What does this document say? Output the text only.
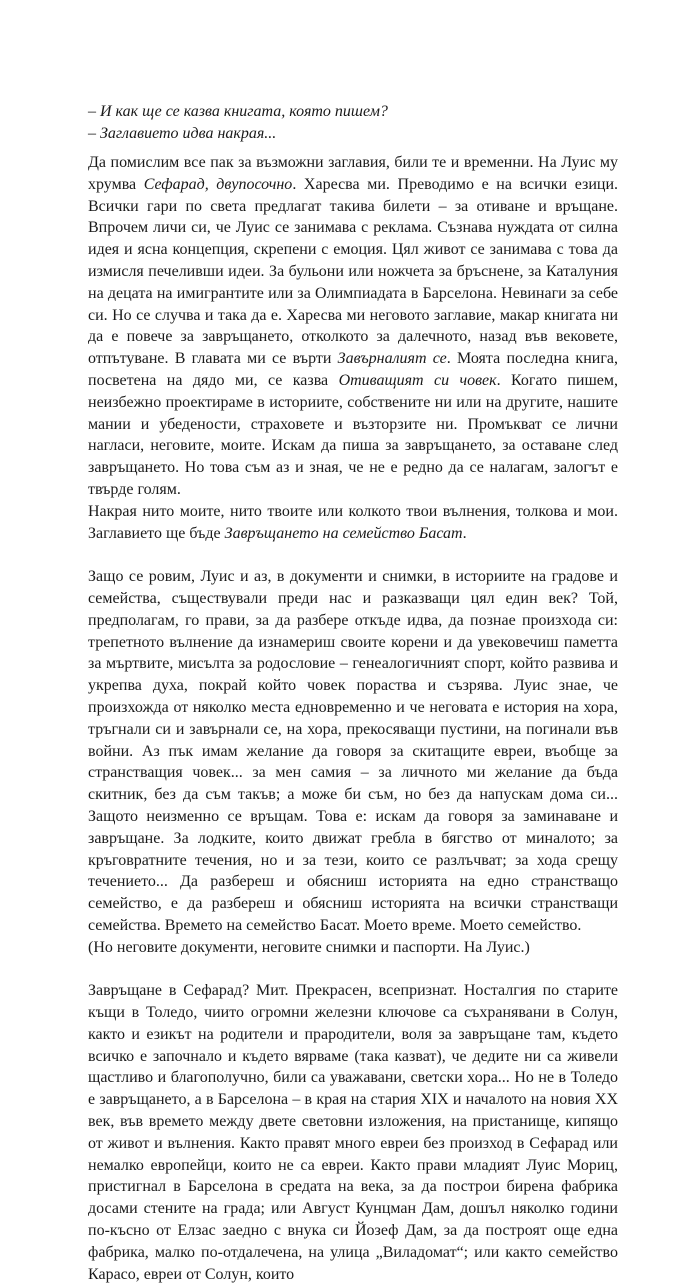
– И как ще се казва книгата, която пишем?

– Заглавието идва накрая...

Да помислим все пак за възможни заглавия, били те и временни. На Луис му хрумва Сефарад, двупосочно. Харесва ми. Преводимо е на всички езици. Всички гари по света предлагат такива билети – за отиване и връщане. Впрочем личи си, че Луис се занимава с реклама. Съзнава нуждата от силна идея и ясна концепция, скрепени с емоция. Цял живот се занимава с това да измисля печеливши идеи. За бульони или ножчета за бръснене, за Каталуния на децата на имигрантите или за Олимпиадата в Барселона. Невинаги за себе си. Но се случва и така да е. Харесва ми неговото заглавие, макар книгата ни да е повече за завръщането, отколкото за далечното, назад във вековете, отпътуване. В главата ми се върти Завърналият се. Моята последна книга, посветена на дядо ми, се казва Отиващият си човек. Когато пишем, неизбежно проектираме в историите, собствените ни или на другите, нашите мании и убедености, страховете и възторзите ни. Промъкват се лични нагласи, неговите, моите. Искам да пиша за завръщането, за оставане след завръщането. Но това съм аз и зная, че не е редно да се налагам, залогът е твърде голям.

Накрая нито моите, нито твоите или колкото твои вълнения, толкова и мои. Заглавието ще бъде Завръщането на семейство Басат.

Защо се ровим, Луис и аз, в документи и снимки, в историите на градове и семейства, съществували преди нас и разказващи цял един век? Той, предполагам, го прави, за да разбере откъде идва, да познае произхода си: трепетното вълнение да изнамериш своите корени и да увековечиш паметта за мъртвите, мисълта за родословие – генеалогичният спорт, който развива и укрепва духа, покрай който човек пораства и съзрява. Луис знае, че произхожда от няколко места едновременно и че неговата е история на хора, тръгнали си и завърнали се, на хора, прекосяващи пустини, на погинали във войни. Аз пък имам желание да говоря за скитащите евреи, въобще за странстващия човек... за мен самия – за личното ми желание да бъда скитник, без да съм такъв; а може би съм, но без да напускам дома си... Защото неизменно се връщам. Това е: искам да говоря за заминаване и завръщане. За лодките, които движат гребла в бягство от миналото; за кръговратните течения, но и за тези, които се разлъчват; за хода срещу течението... Да разбереш и обясниш историята на едно странстващо семейство, е да разбереш и обясниш историята на всички странстващи семейства. Времето на семейство Басат. Моето време. Моето семейство.

(Но неговите документи, неговите снимки и паспорти. На Луис.)

Завръщане в Сефарад? Мит. Прекрасен, всепризнат. Носталгия по старите къщи в Толедо, чиито огромни железни ключове са съхранявани в Солун, както и езикът на родители и прародители, воля за завръщане там, където всичко е започнало и където вярваме (така казват), че дедите ни са живели щастливо и благополучно, били са уважавани, светски хора... Но не в Толедо е завръщането, а в Барселона – в края на стария XIX и началото на новия XX век, във времето между двете световни изложения, на пристанище, кипящо от живот и вълнения. Както правят много евреи без произход в Сефарад или немалко европейци, които не са евреи. Както прави младият Луис Мориц, пристигнал в Барселона в средата на века, за да построи бирена фабрика досами стените на града; или Август Кунцман Дам, дошъл няколко години по-късно от Елзас заедно с внука си Йозеф Дам, за да построят още една фабрика, малко по-отдалечена, на улица „Виладомат“; или както семейство Карасо, евреи от Солун, които
